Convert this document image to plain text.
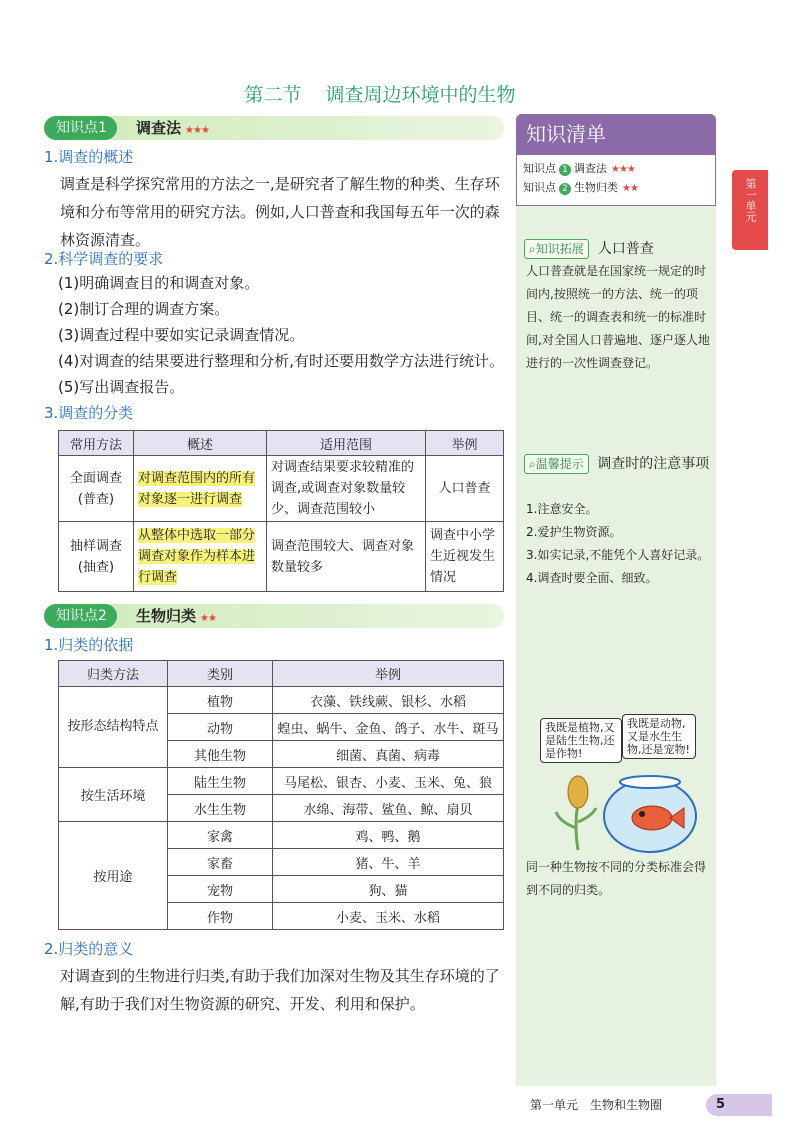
第二节 调查周边环境中的生物
知识点1	调查法 ★★★
1.调查的概述
调查是科学探究常用的方法之一,是研究者了解生物的种类、生存环境和分布等常用的研究方法。例如,人口普查和我国每五年一次的森林资源清查。
2.科学调查的要求
(1)明确调查目的和调查对象。
(2)制订合理的调查方案。
(3)调查过程中要如实记录调查情况。
(4)对调查的结果要进行整理和分析,有时还要用数学方法进行统计。
(5)写出调查报告。
3.调查的分类
常用方法	概述	适用范围	举例
全面调查(普查)	对调查范围内的所有对象逐一进行调查	对调查结果要求较精准的调查,或调查对象数量较少、调查范围较小	人口普查
抽样调查(抽查)	从整体中选取一部分调查对象作为样本进行调查	调查范围较大、调查对象数量较多	调查中小学生近视发生情况
知识点2	生物归类 ★★
1.归类的依据
归类方法	类别	举例
按形态结构特点	植物	衣藻、铁线蕨、银杉、水稻
	动物	蝗虫、蜗牛、金鱼、鸽子、水牛、斑马
	其他生物	细菌、真菌、病毒
按生活环境	陆生生物	马尾松、银杏、小麦、玉米、兔、狼
	水生生物	水绵、海带、鲨鱼、鲸、扇贝
按用途	家禽	鸡、鸭、鹅
	家畜	猪、牛、羊
	宠物	狗、猫
	作物	小麦、玉米、水稻
2.归类的意义
对调查到的生物进行归类,有助于我们加深对生物及其生存环境的了解,有助于我们对生物资源的研究、开发、利用和保护。
知识清单
知识点 1 调查法 ★★★
知识点 2 生物归类 ★★
⌕知识拓展 人口普查
人口普查就是在国家统一规定的时间内,按照统一的方法、统一的项目、统一的调查表和统一的标准时间,对全国人口普遍地、逐户逐人地进行的一次性调查登记。
⌕温馨提示 调查时的注意事项
1.注意安全。
2.爱护生物资源。
3.如实记录,不能凭个人喜好记录。
4.调查时要全面、细致。
我既是植物,又是陆生生物,还是作物!
我既是动物,又是水生生物,还是宠物!
同一种生物按不同的分类标准会得到不同的归类。
第一单元
第一单元　生物和生物圈	5
